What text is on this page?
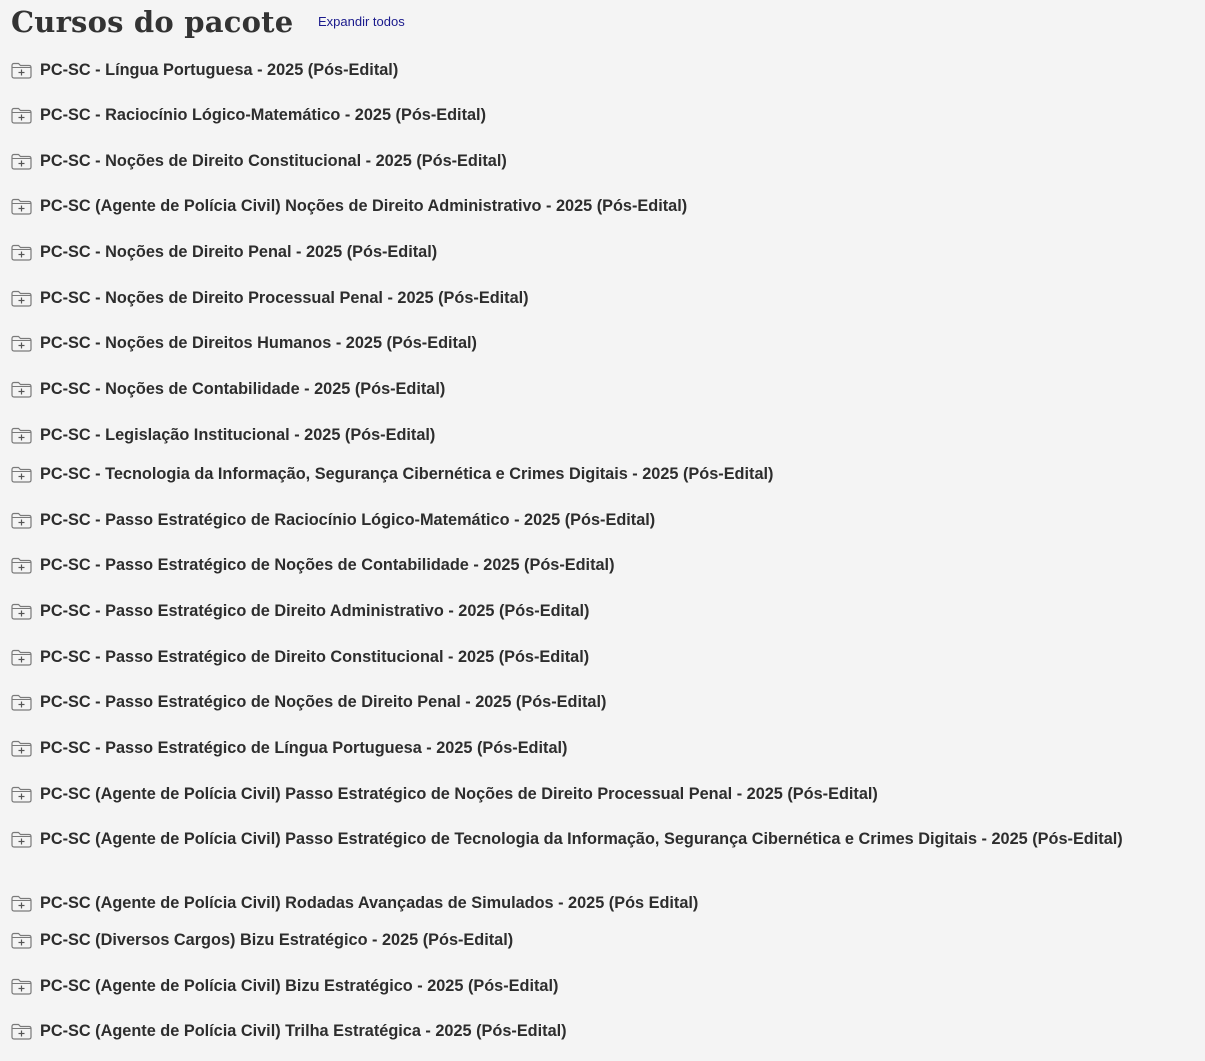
Cursos do pacote Expandir todos
PC-SC - Língua Portuguesa - 2025 (Pós-Edital)
PC-SC - Raciocínio Lógico-Matemático - 2025 (Pós-Edital)
PC-SC - Noções de Direito Constitucional - 2025 (Pós-Edital)
PC-SC (Agente de Polícia Civil) Noções de Direito Administrativo - 2025 (Pós-Edital)
PC-SC - Noções de Direito Penal - 2025 (Pós-Edital)
PC-SC - Noções de Direito Processual Penal - 2025 (Pós-Edital)
PC-SC - Noções de Direitos Humanos - 2025 (Pós-Edital)
PC-SC - Noções de Contabilidade - 2025 (Pós-Edital)
PC-SC - Legislação Institucional - 2025 (Pós-Edital)
PC-SC - Tecnologia da Informação, Segurança Cibernética e Crimes Digitais - 2025 (Pós-Edital)
PC-SC - Passo Estratégico de Raciocínio Lógico-Matemático - 2025 (Pós-Edital)
PC-SC - Passo Estratégico de Noções de Contabilidade - 2025 (Pós-Edital)
PC-SC - Passo Estratégico de Direito Administrativo - 2025 (Pós-Edital)
PC-SC - Passo Estratégico de Direito Constitucional - 2025 (Pós-Edital)
PC-SC - Passo Estratégico de Noções de Direito Penal - 2025 (Pós-Edital)
PC-SC - Passo Estratégico de Língua Portuguesa - 2025 (Pós-Edital)
PC-SC (Agente de Polícia Civil) Passo Estratégico de Noções de Direito Processual Penal - 2025 (Pós-Edital)
PC-SC (Agente de Polícia Civil) Passo Estratégico de Tecnologia da Informação, Segurança Cibernética e Crimes Digitais - 2025 (Pós-Edital)
PC-SC (Agente de Polícia Civil) Rodadas Avançadas de Simulados - 2025 (Pós Edital)
PC-SC (Diversos Cargos) Bizu Estratégico - 2025 (Pós-Edital)
PC-SC (Agente de Polícia Civil) Bizu Estratégico - 2025 (Pós-Edital)
PC-SC (Agente de Polícia Civil) Trilha Estratégica - 2025 (Pós-Edital)
